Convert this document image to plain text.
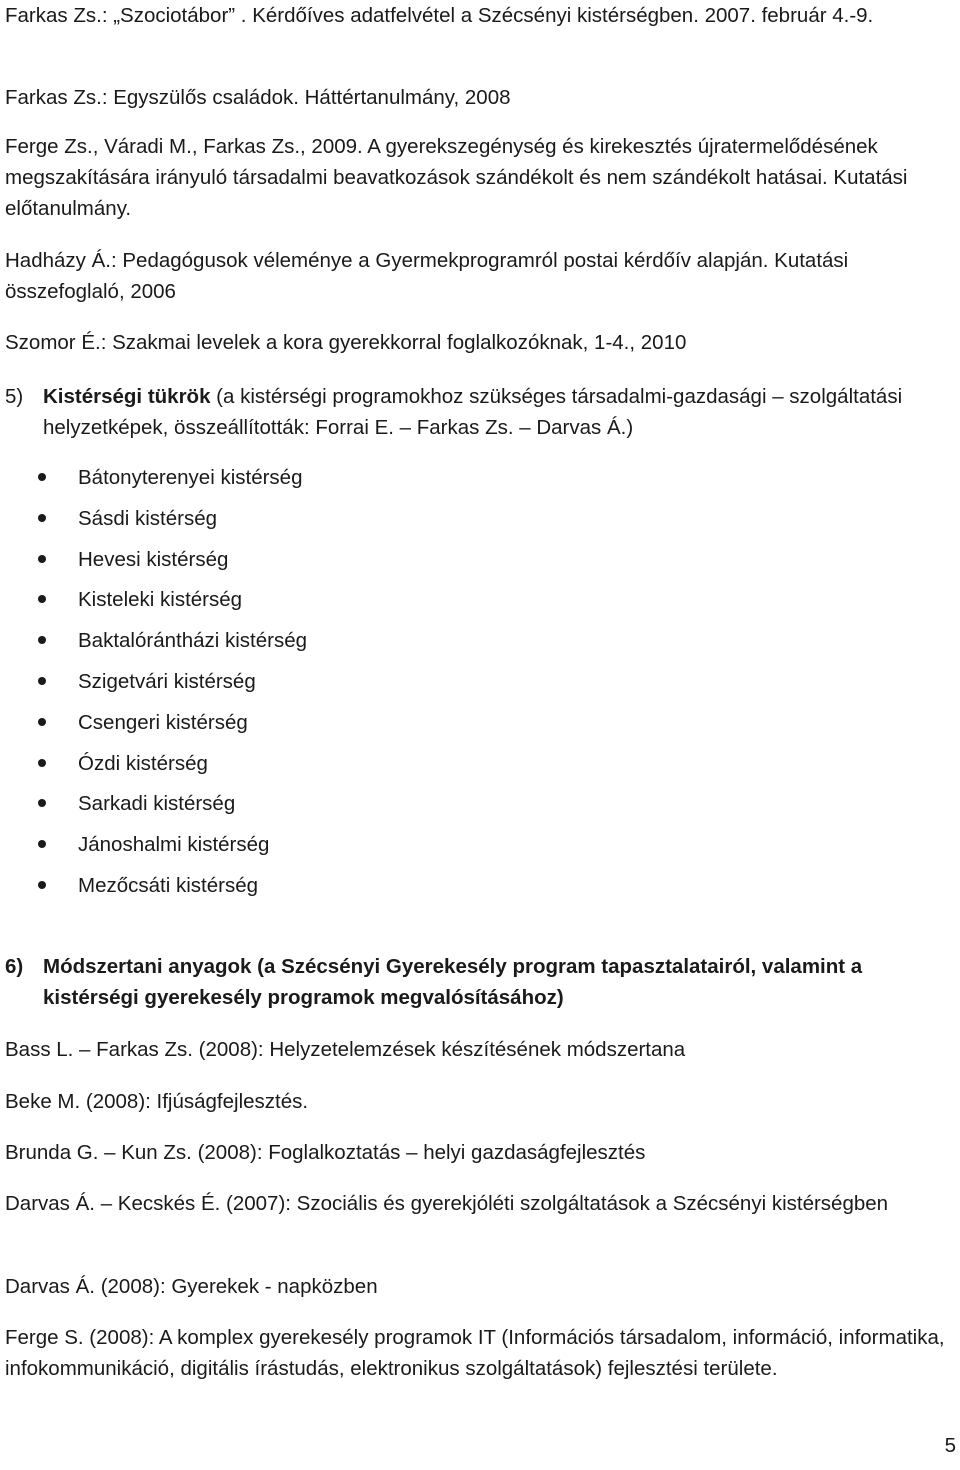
Farkas Zs.: „Szociotábor” . Kérdőíves adatfelvétel a Szécsényi kistérségben. 2007. február 4.-9.

Farkas Zs.: Egyszülős családok. Háttértanulmány, 2008

Ferge Zs., Váradi M., Farkas Zs., 2009. A gyerekszegénység és kirekesztés újratermelődésének megszakítására irányuló társadalmi beavatkozások szándékolt és nem szándékolt hatásai. Kutatási előtanulmány.

Hadházy Á.: Pedagógusok véleménye a Gyermekprogramról postai kérdőív alapján. Kutatási összefoglaló, 2006

Szomor É.: Szakmai levelek a kora gyerekkorral foglalkozóknak, 1-4., 2010

5) Kistérségi tükrök (a kistérségi programokhoz szükséges társadalmi-gazdasági – szolgáltatási helyzetképek, összeállították: Forrai E. – Farkas Zs. – Darvas Á.)
Bátonyterenyei kistérség
Sásdi kistérség
Hevesi kistérség
Kisteleki kistérség
Baktalórántházi kistérség
Szigetvári kistérség
Csengeri kistérség
Ózdi kistérség
Sarkadi kistérség
Jánoshalmi kistérség
Mezőcsáti kistérség
6) Módszertani anyagok (a Szécsényi Gyerekesély program tapasztalatairól, valamint a kistérségi gyerekesély programok megvalósításához)

Bass L. – Farkas Zs. (2008): Helyzetelemzések készítésének módszertana

Beke M. (2008): Ifjúságfejlesztés.

Brunda G. – Kun Zs. (2008): Foglalkoztatás – helyi gazdaságfejlesztés

Darvas Á. – Kecskés É. (2007): Szociális és gyerekjóléti szolgáltatások a Szécsényi kistérségben

Darvas Á. (2008): Gyerekek - napközben

Ferge S. (2008): A komplex gyerekesély programok IT (Információs társadalom, információ, informatika, infokommunikáció, digitális írástudás, elektronikus szolgáltatások) fejlesztési területe.

5
